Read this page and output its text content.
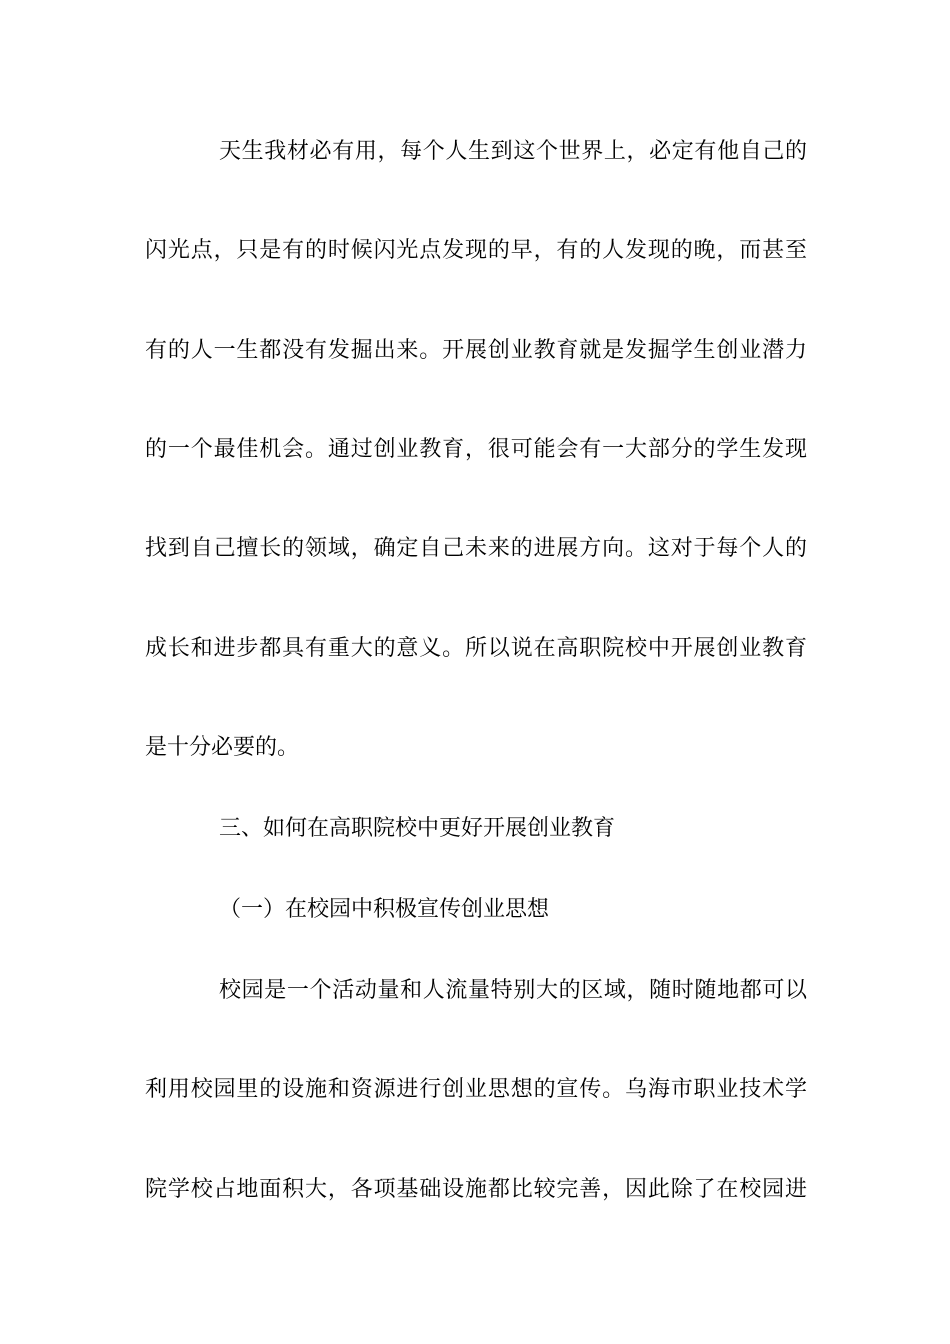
天生我材必有用，每个人生到这个世界上，必定有他自己的
闪光点，只是有的时候闪光点发现的早，有的人发现的晚，而甚至
有的人一生都没有发掘出来。开展创业教育就是发掘学生创业潜力
的一个最佳机会。通过创业教育，很可能会有一大部分的学生发现
找到自己擅长的领域，确定自己未来的进展方向。这对于每个人的
成长和进步都具有重大的意义。所以说在高职院校中开展创业教育
是十分必要的。
三、如何在高职院校中更好开展创业教育
（一）在校园中积极宣传创业思想
校园是一个活动量和人流量特别大的区域，随时随地都可以
利用校园里的设施和资源进行创业思想的宣传。乌海市职业技术学
院学校占地面积大，各项基础设施都比较完善，因此除了在校园进
